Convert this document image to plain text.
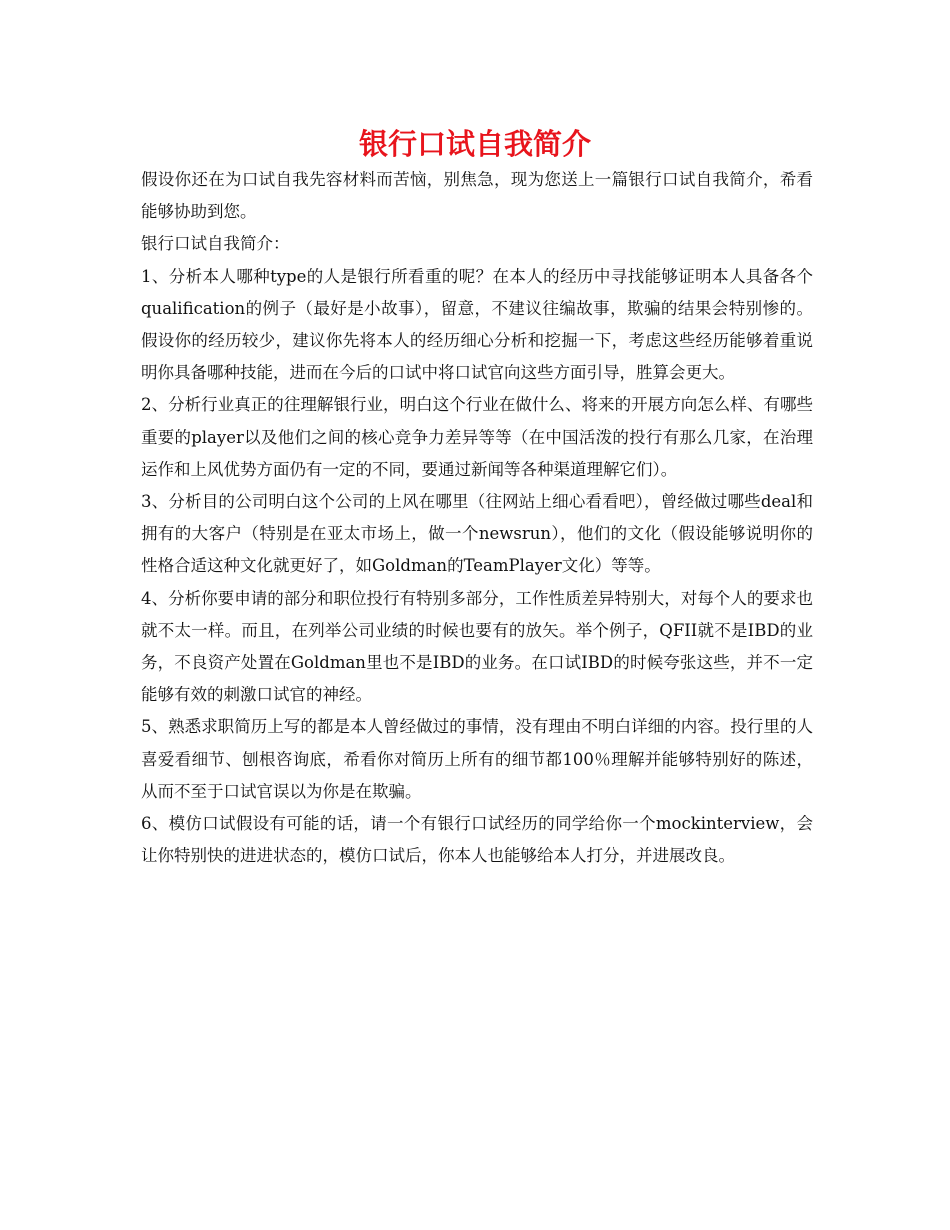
银行口试自我简介

假设你还在为口试自我先容材料而苦恼，别焦急，现为您送上一篇银行口试自我简介，希看能够协助到您。

银行口试自我简介：

1、分析本人哪种type的人是银行所看重的呢？在本人的经历中寻找能够证明本人具备各个qualification的例子（最好是小故事），留意，不建议往编故事，欺骗的结果会特别惨的。假设你的经历较少，建议你先将本人的经历细心分析和挖掘一下，考虑这些经历能够着重说明你具备哪种技能，进而在今后的口试中将口试官向这些方面引导，胜算会更大。

2、分析行业真正的往理解银行业，明白这个行业在做什么、将来的开展方向怎么样、有哪些重要的player以及他们之间的核心竞争力差异等等（在中国活泼的投行有那么几家，在治理运作和上风优势方面仍有一定的不同，要通过新闻等各种渠道理解它们）。

3、分析目的公司明白这个公司的上风在哪里（往网站上细心看看吧），曾经做过哪些deal和拥有的大客户（特别是在亚太市场上，做一个newsrun），他们的文化（假设能够说明你的性格合适这种文化就更好了，如Goldman的TeamPlayer文化）等等。

4、分析你要申请的部分和职位投行有特别多部分，工作性质差异特别大，对每个人的要求也就不太一样。而且，在列举公司业绩的时候也要有的放矢。举个例子，QFII就不是IBD的业务，不良资产处置在Goldman里也不是IBD的业务。在口试IBD的时候夸张这些，并不一定能够有效的刺激口试官的神经。

5、熟悉求职简历上写的都是本人曾经做过的事情，没有理由不明白详细的内容。投行里的人喜爱看细节、刨根咨询底，希看你对简历上所有的细节都100％理解并能够特别好的陈述，从而不至于口试官误以为你是在欺骗。

6、模仿口试假设有可能的话，请一个有银行口试经历的同学给你一个mockinterview，会让你特别快的进进状态的，模仿口试后，你本人也能够给本人打分，并进展改良。
